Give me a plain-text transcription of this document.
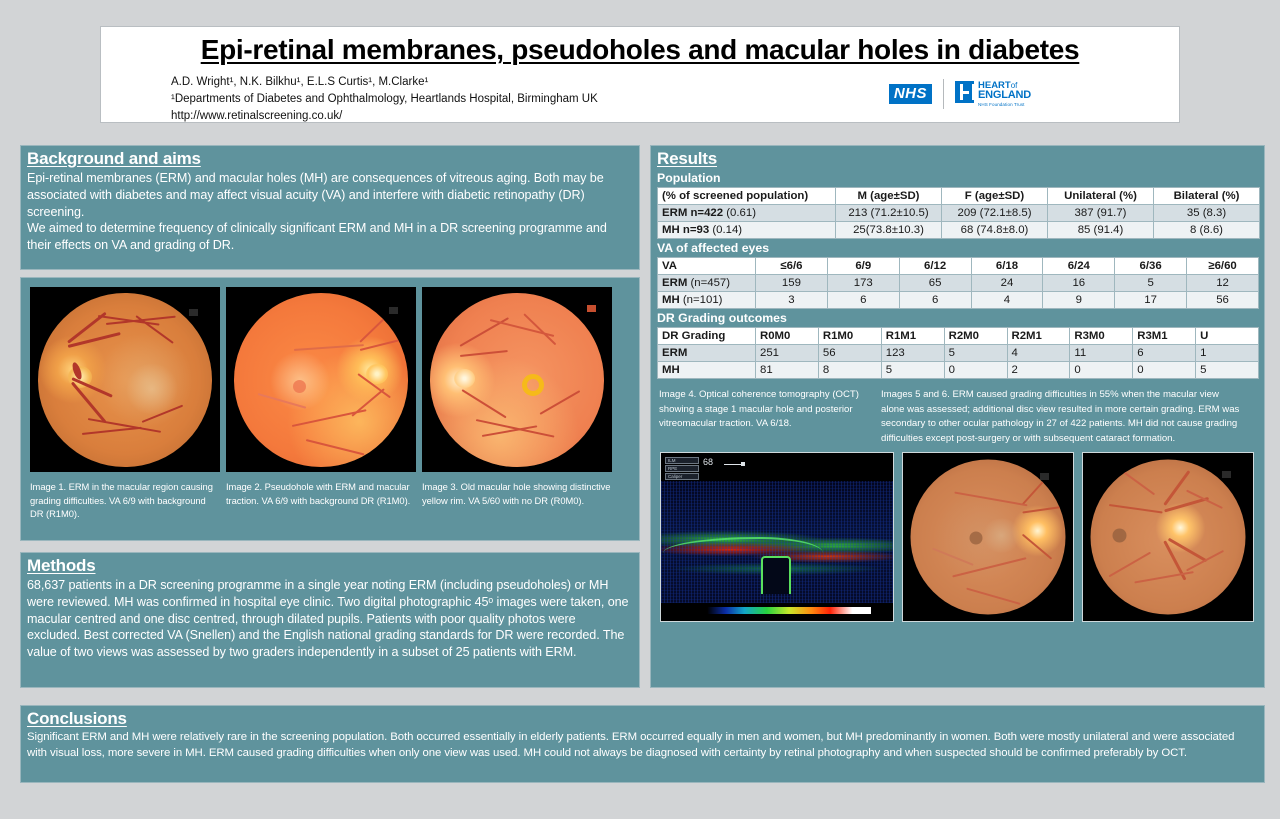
Epi-retinal membranes, pseudoholes and macular holes in diabetes
A.D. Wright¹, N.K. Bilkhu¹, E.L.S Curtis¹, M.Clarke¹
¹Departments of Diabetes and Ophthalmology, Heartlands Hospital, Birmingham UK
http://www.retinalscreening.co.uk/
NHS
HEARTof
ENGLAND
NHS Foundation Trust
Background and aims
Epi-retinal membranes (ERM) and macular holes (MH) are consequences of vitreous aging. Both may be associated with diabetes and may affect visual acuity (VA) and interfere with diabetic retinopathy (DR) screening.
We aimed to determine frequency of clinically significant ERM and MH in a DR screening programme and their effects on VA and grading of DR.
Image 1. ERM in the macular region causing grading difficulties. VA 6/9 with background DR (R1M0).
Image 2. Pseudohole with ERM and macular traction. VA 6/9 with background DR (R1M0).
Image 3. Old macular hole showing distinctive yellow rim. VA 5/60 with no DR (R0M0).
Methods
68,637 patients in a DR screening programme in a single year noting ERM (including pseudoholes) or MH were reviewed. MH was confirmed in hospital eye clinic. Two digital photographic 45ᵒ images were taken, one macular centred and one disc centred, through dilated pupils. Patients with poor quality photos were excluded. Best corrected VA (Snellen) and the English national grading standards for DR were recorded. The value of two views was assessed by two graders independently in a subset of 25 patients with ERM.
Results
Population
(% of screened population)	M (age±SD)	F (age±SD)	Unilateral (%)	Bilateral (%)
ERM n=422 (0.61)	213 (71.2±10.5)	209 (72.1±8.5)	387 (91.7)	35 (8.3)
MH n=93 (0.14)	25(73.8±10.3)	68 (74.8±8.0)	85 (91.4)	8 (8.6)
VA of affected eyes
VA	≤6/6	6/9	6/12	6/18	6/24	6/36	≥6/60
ERM (n=457)	159	173	65	24	16	5	12
MH (n=101)	3	6	6	4	9	17	56
DR Grading outcomes
DR Grading	R0M0	R1M0	R1M1	R2M0	R2M1	R3M0	R3M1	U
ERM	251	56	123	5	4	11	6	1
MH	81	8	5	0	2	0	0	5
Image 4. Optical coherence tomography (OCT) showing a stage 1 macular hole and posterior vitreomacular traction. VA 6/18.
Images 5 and 6. ERM caused grading difficulties in 55% when the macular view alone was assessed; additional disc view resulted in more certain grading. ERM was secondary to other ocular pathology in 27 of 422 patients. MH did not cause grading difficulties except post-surgery or with subsequent cataract formation.
ILM
RPE
Caliper
68
Conclusions
Significant ERM and MH were relatively rare in the screening population. Both occurred essentially in elderly patients. ERM occurred equally in men and women, but MH predominantly in women. Both were mostly unilateral and were associated with visual loss, more severe in MH. ERM caused grading difficulties when only one view was used. MH could not always be diagnosed with certainty by retinal photography and when suspected should be confirmed preferably by OCT.
